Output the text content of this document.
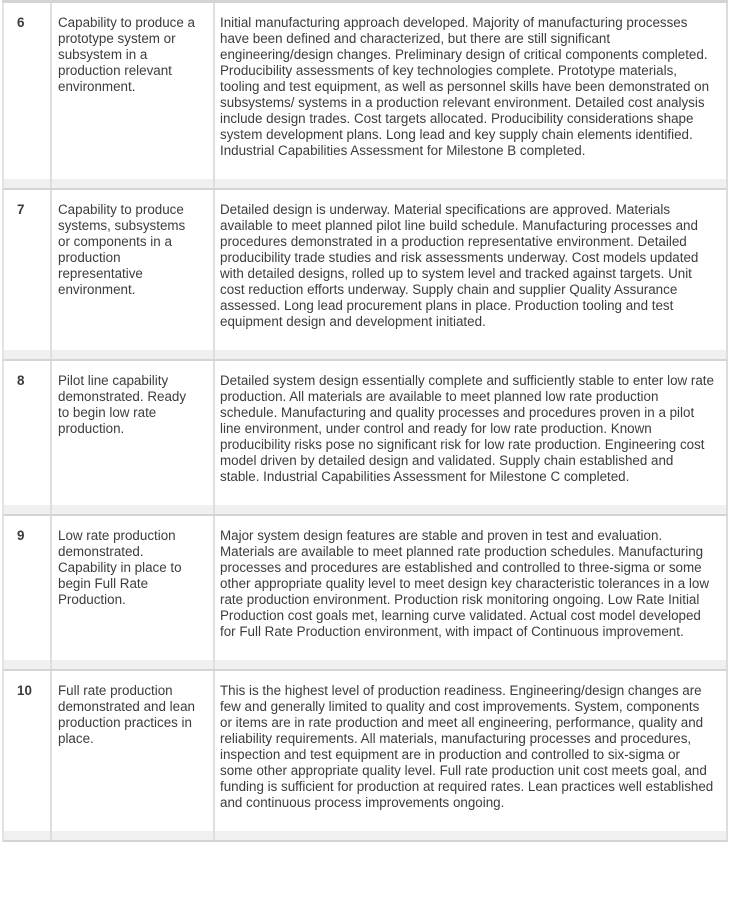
6	Capability to produce a prototype system or subsystem in a production relevant environment.
Initial manufacturing approach developed. Majority of manufacturing processes have been defined and characterized, but there are still significant engineering/design changes. Preliminary design of critical components completed. Producibility assessments of key technologies complete. Prototype materials, tooling and test equipment, as well as personnel skills have been demonstrated on subsystems/ systems in a production relevant environment. Detailed cost analysis include design trades. Cost targets allocated. Producibility considerations shape system development plans. Long lead and key supply chain elements identified. Industrial Capabilities Assessment for Milestone B completed.
7	Capability to produce systems, subsystems or components in a production representative environment.
Detailed design is underway. Material specifications are approved. Materials available to meet planned pilot line build schedule. Manufacturing processes and procedures demonstrated in a production representative environment. Detailed producibility trade studies and risk assessments underway. Cost models updated with detailed designs, rolled up to system level and tracked against targets. Unit cost reduction efforts underway. Supply chain and supplier Quality Assurance assessed. Long lead procurement plans in place. Production tooling and test equipment design and development initiated.
8	Pilot line capability demonstrated. Ready to begin low rate production.
Detailed system design essentially complete and sufficiently stable to enter low rate production. All materials are available to meet planned low rate production schedule. Manufacturing and quality processes and procedures proven in a pilot line environment, under control and ready for low rate production. Known producibility risks pose no significant risk for low rate production. Engineering cost model driven by detailed design and validated. Supply chain established and stable. Industrial Capabilities Assessment for Milestone C completed.
9	Low rate production demonstrated. Capability in place to begin Full Rate Production.
Major system design features are stable and proven in test and evaluation. Materials are available to meet planned rate production schedules. Manufacturing processes and procedures are established and controlled to three-sigma or some other appropriate quality level to meet design key characteristic tolerances in a low rate production environment. Production risk monitoring ongoing. Low Rate Initial Production cost goals met, learning curve validated. Actual cost model developed for Full Rate Production environment, with impact of Continuous improvement.
10	Full rate production demonstrated and lean production practices in place.
This is the highest level of production readiness. Engineering/design changes are few and generally limited to quality and cost improvements. System, components or items are in rate production and meet all engineering, performance, quality and reliability requirements. All materials, manufacturing processes and procedures, inspection and test equipment are in production and controlled to six-sigma or some other appropriate quality level. Full rate production unit cost meets goal, and funding is sufficient for production at required rates. Lean practices well established and continuous process improvements ongoing.
